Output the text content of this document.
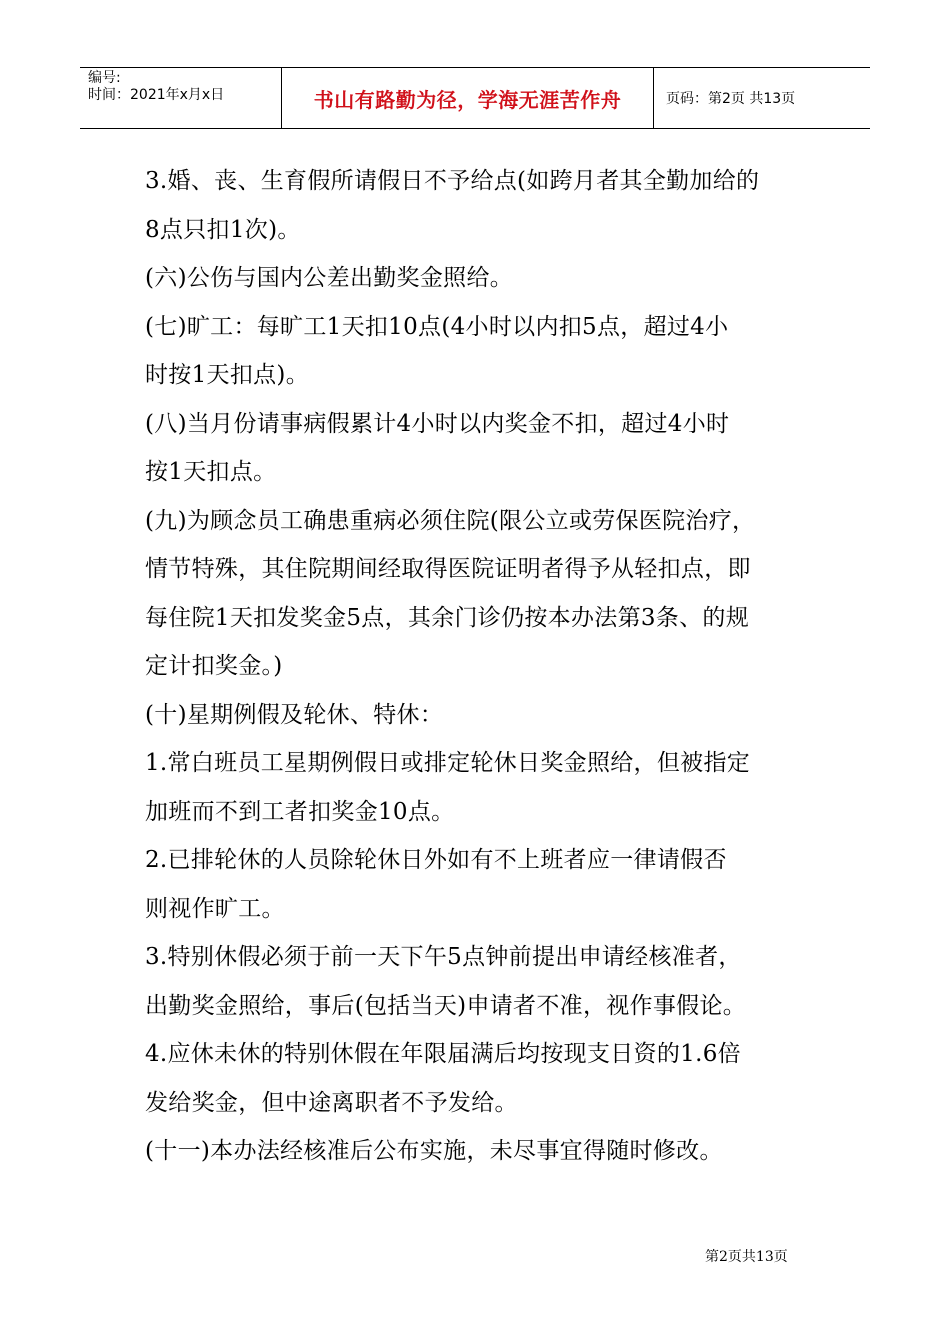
编号:
时间：2021年x月x日	书山有路勤为径，学海无涯苦作舟	页码：第2页 共13页

3.婚、丧、生育假所请假日不予给点(如跨月者其全勤加给的

8点只扣1次)。

(六)公伤与国内公差出勤奖金照给。

(七)旷工：每旷工1天扣10点(4小时以内扣5点，超过4小

时按1天扣点)。

(八)当月份请事病假累计4小时以内奖金不扣，超过4小时

按1天扣点。

(九)为顾念员工确患重病必须住院(限公立或劳保医院治疗，

情节特殊，其住院期间经取得医院证明者得予从轻扣点，即

每住院1天扣发奖金5点，其余门诊仍按本办法第3条、的规

定计扣奖金。)

(十)星期例假及轮休、特休：

1.常白班员工星期例假日或排定轮休日奖金照给，但被指定

加班而不到工者扣奖金10点。

2.已排轮休的人员除轮休日外如有不上班者应一律请假否

则视作旷工。

3.特别休假必须于前一天下午5点钟前提出申请经核准者，

出勤奖金照给，事后(包括当天)申请者不准，视作事假论。

4.应休未休的特别休假在年限届满后均按现支日资的1.6倍

发给奖金，但中途离职者不予发给。

(十一)本办法经核准后公布实施，未尽事宜得随时修改。

第2页共13页
